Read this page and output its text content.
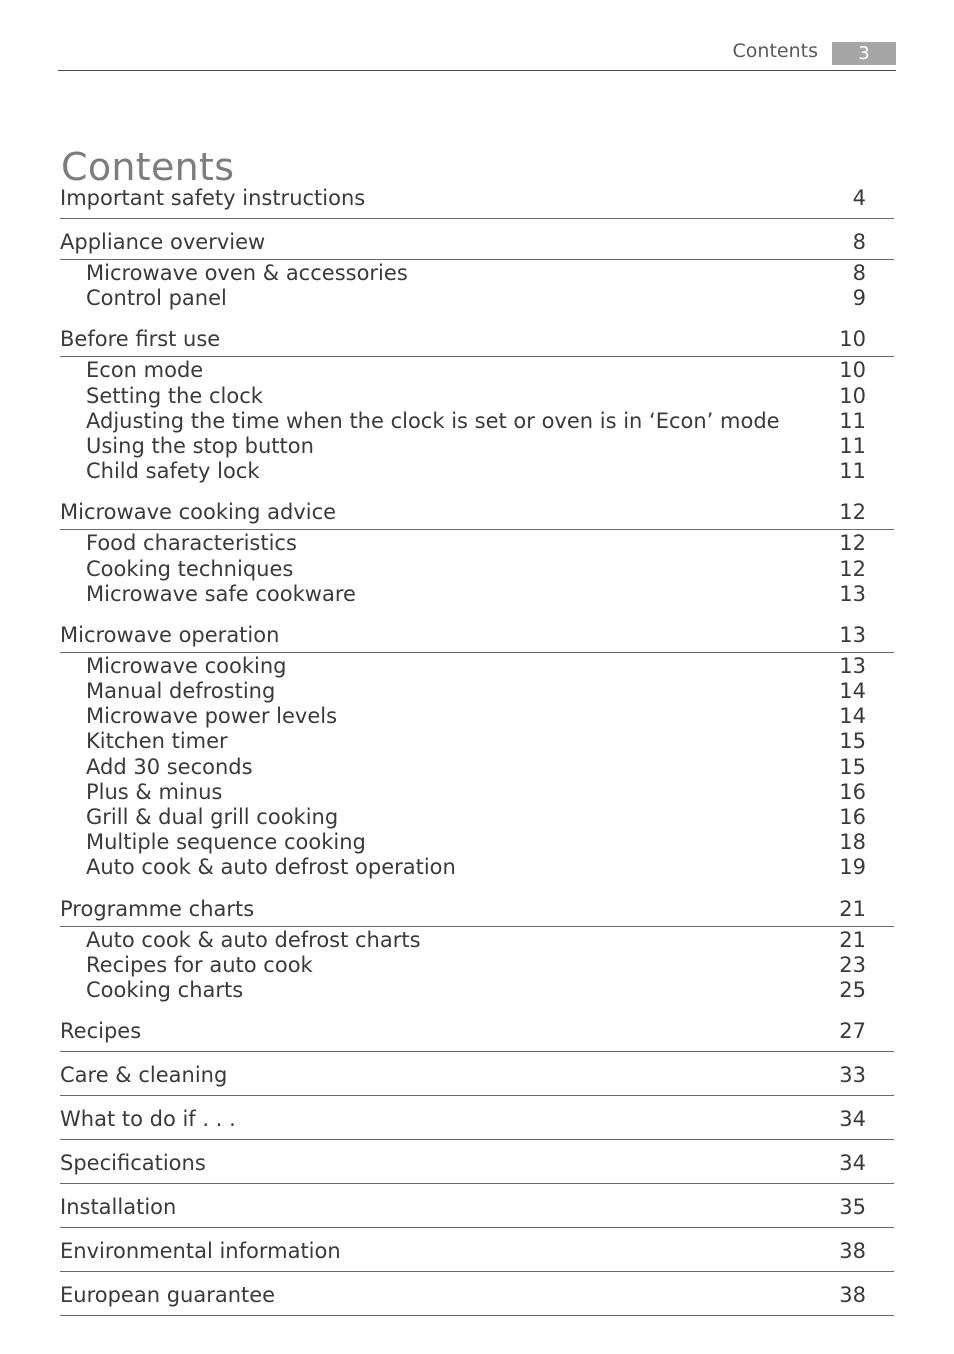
Contents	3
Contents
Important safety instructions	4
Appliance overview	8
Microwave oven & accessories	8
Control panel	9
Before first use	10
Econ mode	10
Setting the clock	10
Adjusting the time when the clock is set or oven is in ‘Econ’ mode	11
Using the stop button	11
Child safety lock	11
Microwave cooking advice	12
Food characteristics	12
Cooking techniques	12
Microwave safe cookware	13
Microwave operation	13
Microwave cooking	13
Manual defrosting	14
Microwave power levels	14
Kitchen timer	15
Add 30 seconds	15
Plus & minus	16
Grill & dual grill cooking	16
Multiple sequence cooking	18
Auto cook & auto defrost operation	19
Programme charts	21
Auto cook & auto defrost charts	21
Recipes for auto cook	23
Cooking charts	25
Recipes	27
Care & cleaning	33
What to do if . . .	34
Specifications	34
Installation	35
Environmental information	38
European guarantee	38
